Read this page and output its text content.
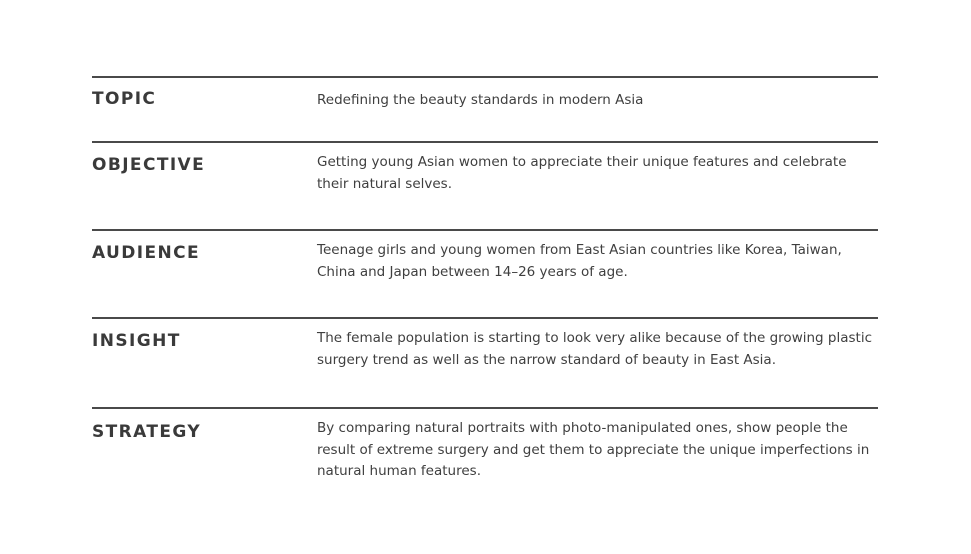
TOPIC	Redefining the beauty standards in modern Asia
OBJECTIVE	Getting young Asian women to appreciate their unique features and celebrate their natural selves.
AUDIENCE	Teenage girls and young women from East Asian countries like Korea, Taiwan, China and Japan between 14–26 years of age.
INSIGHT	The female population is starting to look very alike because of the growing plastic surgery trend as well as the narrow standard of beauty in East Asia.
STRATEGY	By comparing natural portraits with photo-manipulated ones, show people the result of extreme surgery and get them to appreciate the unique imperfections in natural human features.
